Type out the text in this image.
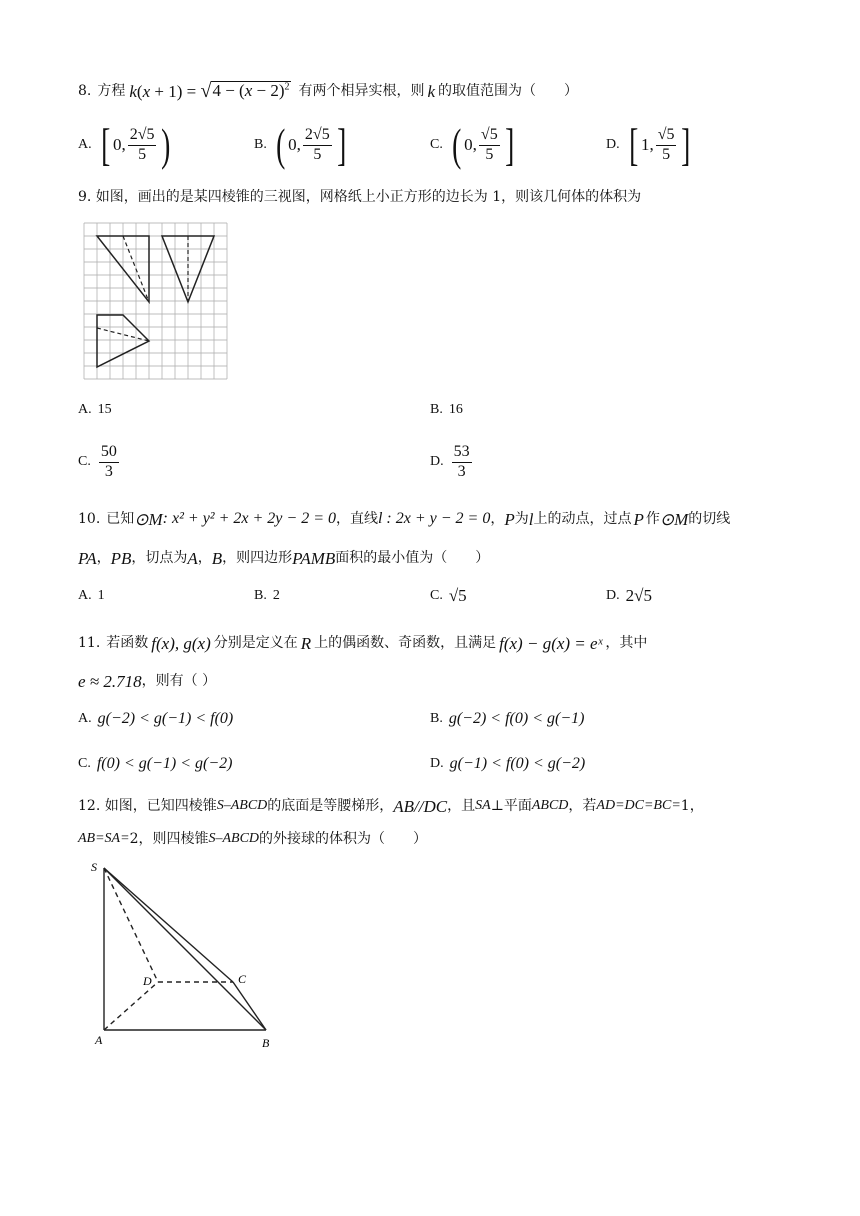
8. 方程 k ( x + 1) = √ $4 - (x - 2)^2$ 有两个相异实根，则 k 的取值范围为（　　）
A. [ 0, $\frac{2√5}{5}$ )	B. ( 0, $\frac{2√5}{5}$ ]	C. ( 0, $\frac{√5}{5}$ ]	D. [ 1, $\frac{√5}{5}$ ]
9. 如图，画出的是某四棱锥的三视图，网格纸上小正方形的边长为 1，则该几何体的体积为
A. 15	B. 16
C. $\frac{50}{3}$	D. $\frac{53}{3}$
10. 已知 ⊙M : x² + y² + 2x + 2y − 2 = 0 ，直线 l : 2x + y − 2 = 0 ， P 为 l 上的动点，过点 P 作 ⊙M 的切线
PA ， PB ，切点为 A ， B ，则四边形 PAMB 面积的最小值为（　　）
A. 1	B. 2	C. √5	D. 2√5
11. 若函数 f(x), g(x) 分别是定义在 R 上的偶函数、奇函数，且满足 f(x) − g(x) = eˣ ，其中
e ≈ 2.718 ，则有（ ）
A. g(−2) < g(−1) < f(0)	B. g(−2) < f(0) < g(−1)
C. f(0) < g(−1) < g(−2)	D. g(−1) < f(0) < g(−2)
12. 如图，已知四棱锥 S–ABCD 的底面是等腰梯形， AB//DC ，且 SA ⊥平面 ABCD ，若 AD=DC=BC= 1 ，
AB=SA= 2 ，则四棱锥 S–ABCD 的外接球的体积为（　　）
S
D	C
A	B
